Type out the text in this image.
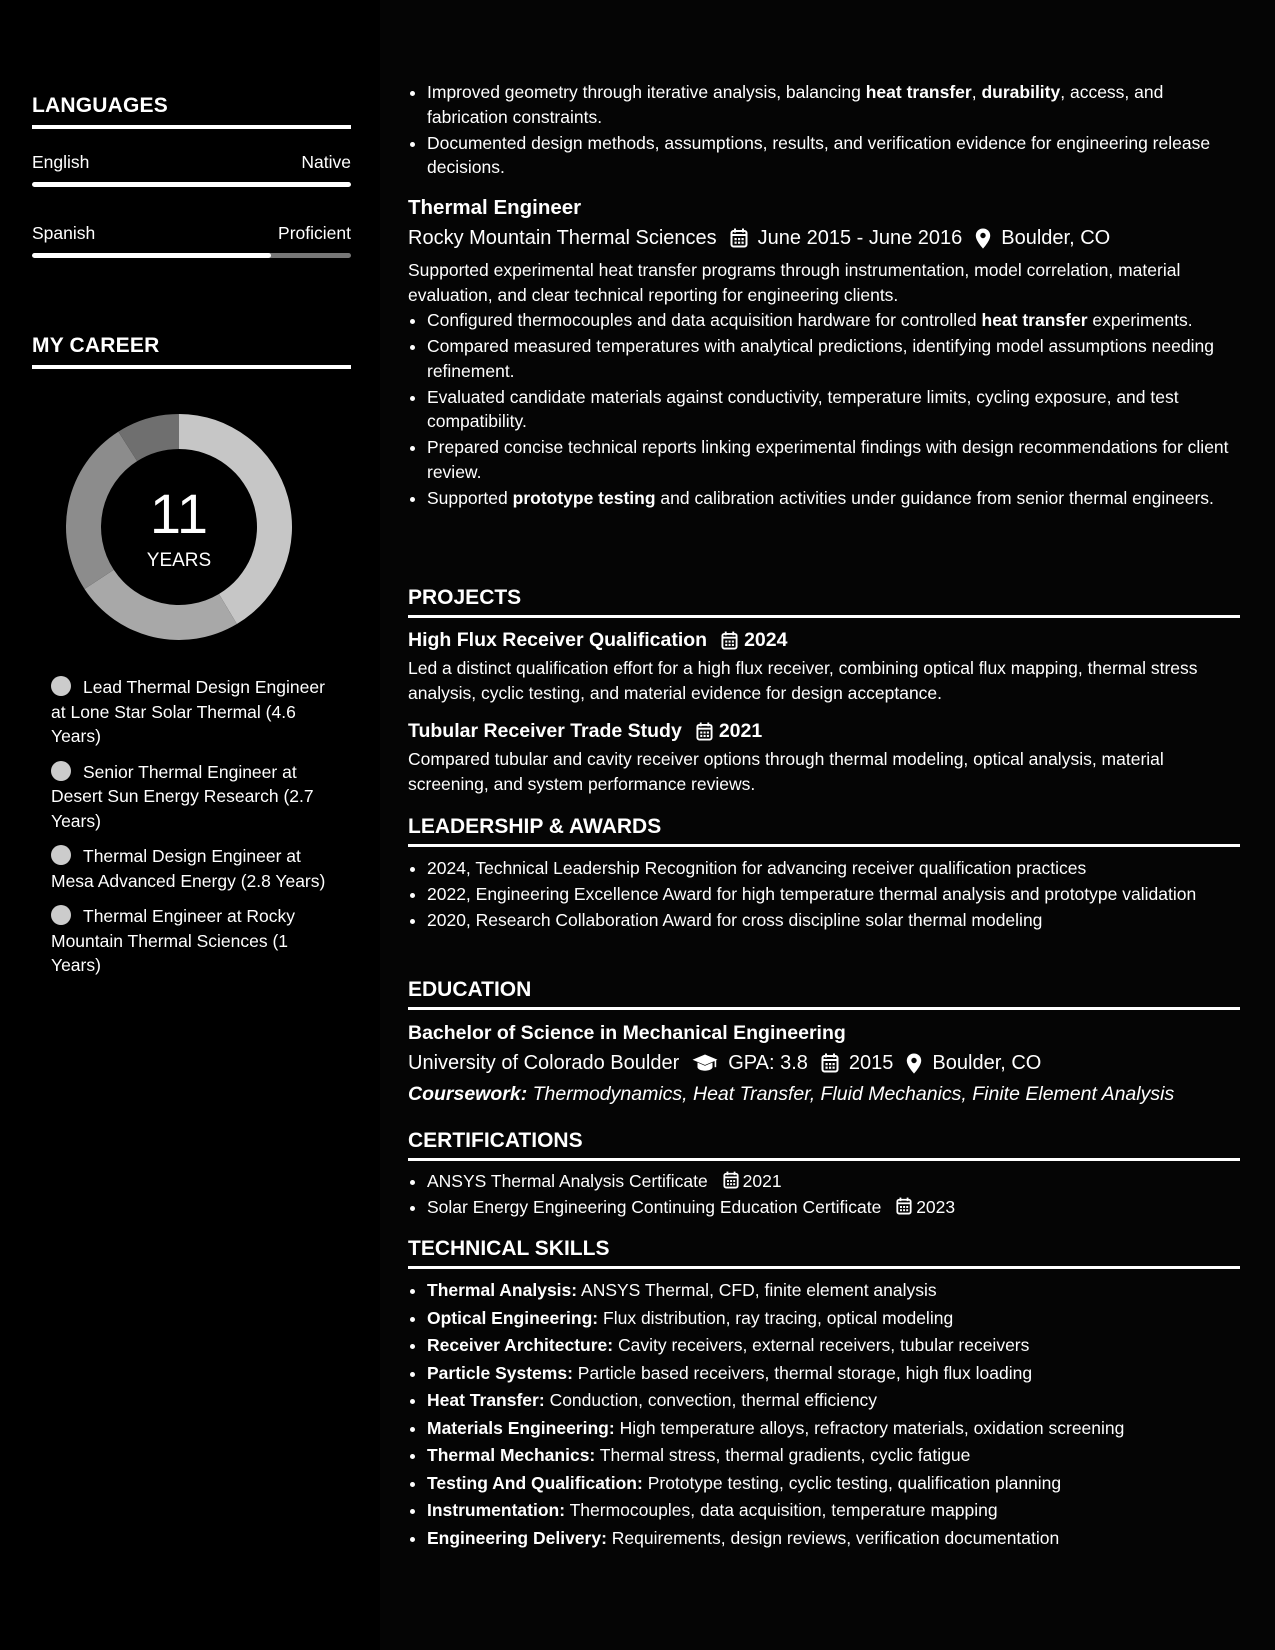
LANGUAGES
English	Native
Spanish	Proficient
MY CAREER
11
YEARS
Lead Thermal Design Engineer at Lone Star Solar Thermal (4.6 Years)
Senior Thermal Engineer at Desert Sun Energy Research (2.7 Years)
Thermal Design Engineer at Mesa Advanced Energy (2.8 Years)
Thermal Engineer at Rocky Mountain Thermal Sciences (1 Years)
• Improved geometry through iterative analysis, balancing heat transfer, durability, access, and fabrication constraints.
• Documented design methods, assumptions, results, and verification evidence for engineering release decisions.
Thermal Engineer
Rocky Mountain Thermal Sciences June 2015 - June 2016 Boulder, CO
Supported experimental heat transfer programs through instrumentation, model correlation, material evaluation, and clear technical reporting for engineering clients.
• Configured thermocouples and data acquisition hardware for controlled heat transfer experiments.
• Compared measured temperatures with analytical predictions, identifying model assumptions needing refinement.
• Evaluated candidate materials against conductivity, temperature limits, cycling exposure, and test compatibility.
• Prepared concise technical reports linking experimental findings with design recommendations for client review.
• Supported prototype testing and calibration activities under guidance from senior thermal engineers.
PROJECTS
High Flux Receiver Qualification 2024
Led a distinct qualification effort for a high flux receiver, combining optical flux mapping, thermal stress analysis, cyclic testing, and material evidence for design acceptance.
Tubular Receiver Trade Study 2021
Compared tubular and cavity receiver options through thermal modeling, optical analysis, material screening, and system performance reviews.
LEADERSHIP & AWARDS
• 2024, Technical Leadership Recognition for advancing receiver qualification practices
• 2022, Engineering Excellence Award for high temperature thermal analysis and prototype validation
• 2020, Research Collaboration Award for cross discipline solar thermal modeling
EDUCATION
Bachelor of Science in Mechanical Engineering
University of Colorado Boulder GPA: 3.8 2015 Boulder, CO
Coursework: Thermodynamics, Heat Transfer, Fluid Mechanics, Finite Element Analysis
CERTIFICATIONS
• ANSYS Thermal Analysis Certificate 2021
• Solar Energy Engineering Continuing Education Certificate 2023
TECHNICAL SKILLS
• Thermal Analysis: ANSYS Thermal, CFD, finite element analysis
• Optical Engineering: Flux distribution, ray tracing, optical modeling
• Receiver Architecture: Cavity receivers, external receivers, tubular receivers
• Particle Systems: Particle based receivers, thermal storage, high flux loading
• Heat Transfer: Conduction, convection, thermal efficiency
• Materials Engineering: High temperature alloys, refractory materials, oxidation screening
• Thermal Mechanics: Thermal stress, thermal gradients, cyclic fatigue
• Testing And Qualification: Prototype testing, cyclic testing, qualification planning
• Instrumentation: Thermocouples, data acquisition, temperature mapping
• Engineering Delivery: Requirements, design reviews, verification documentation
